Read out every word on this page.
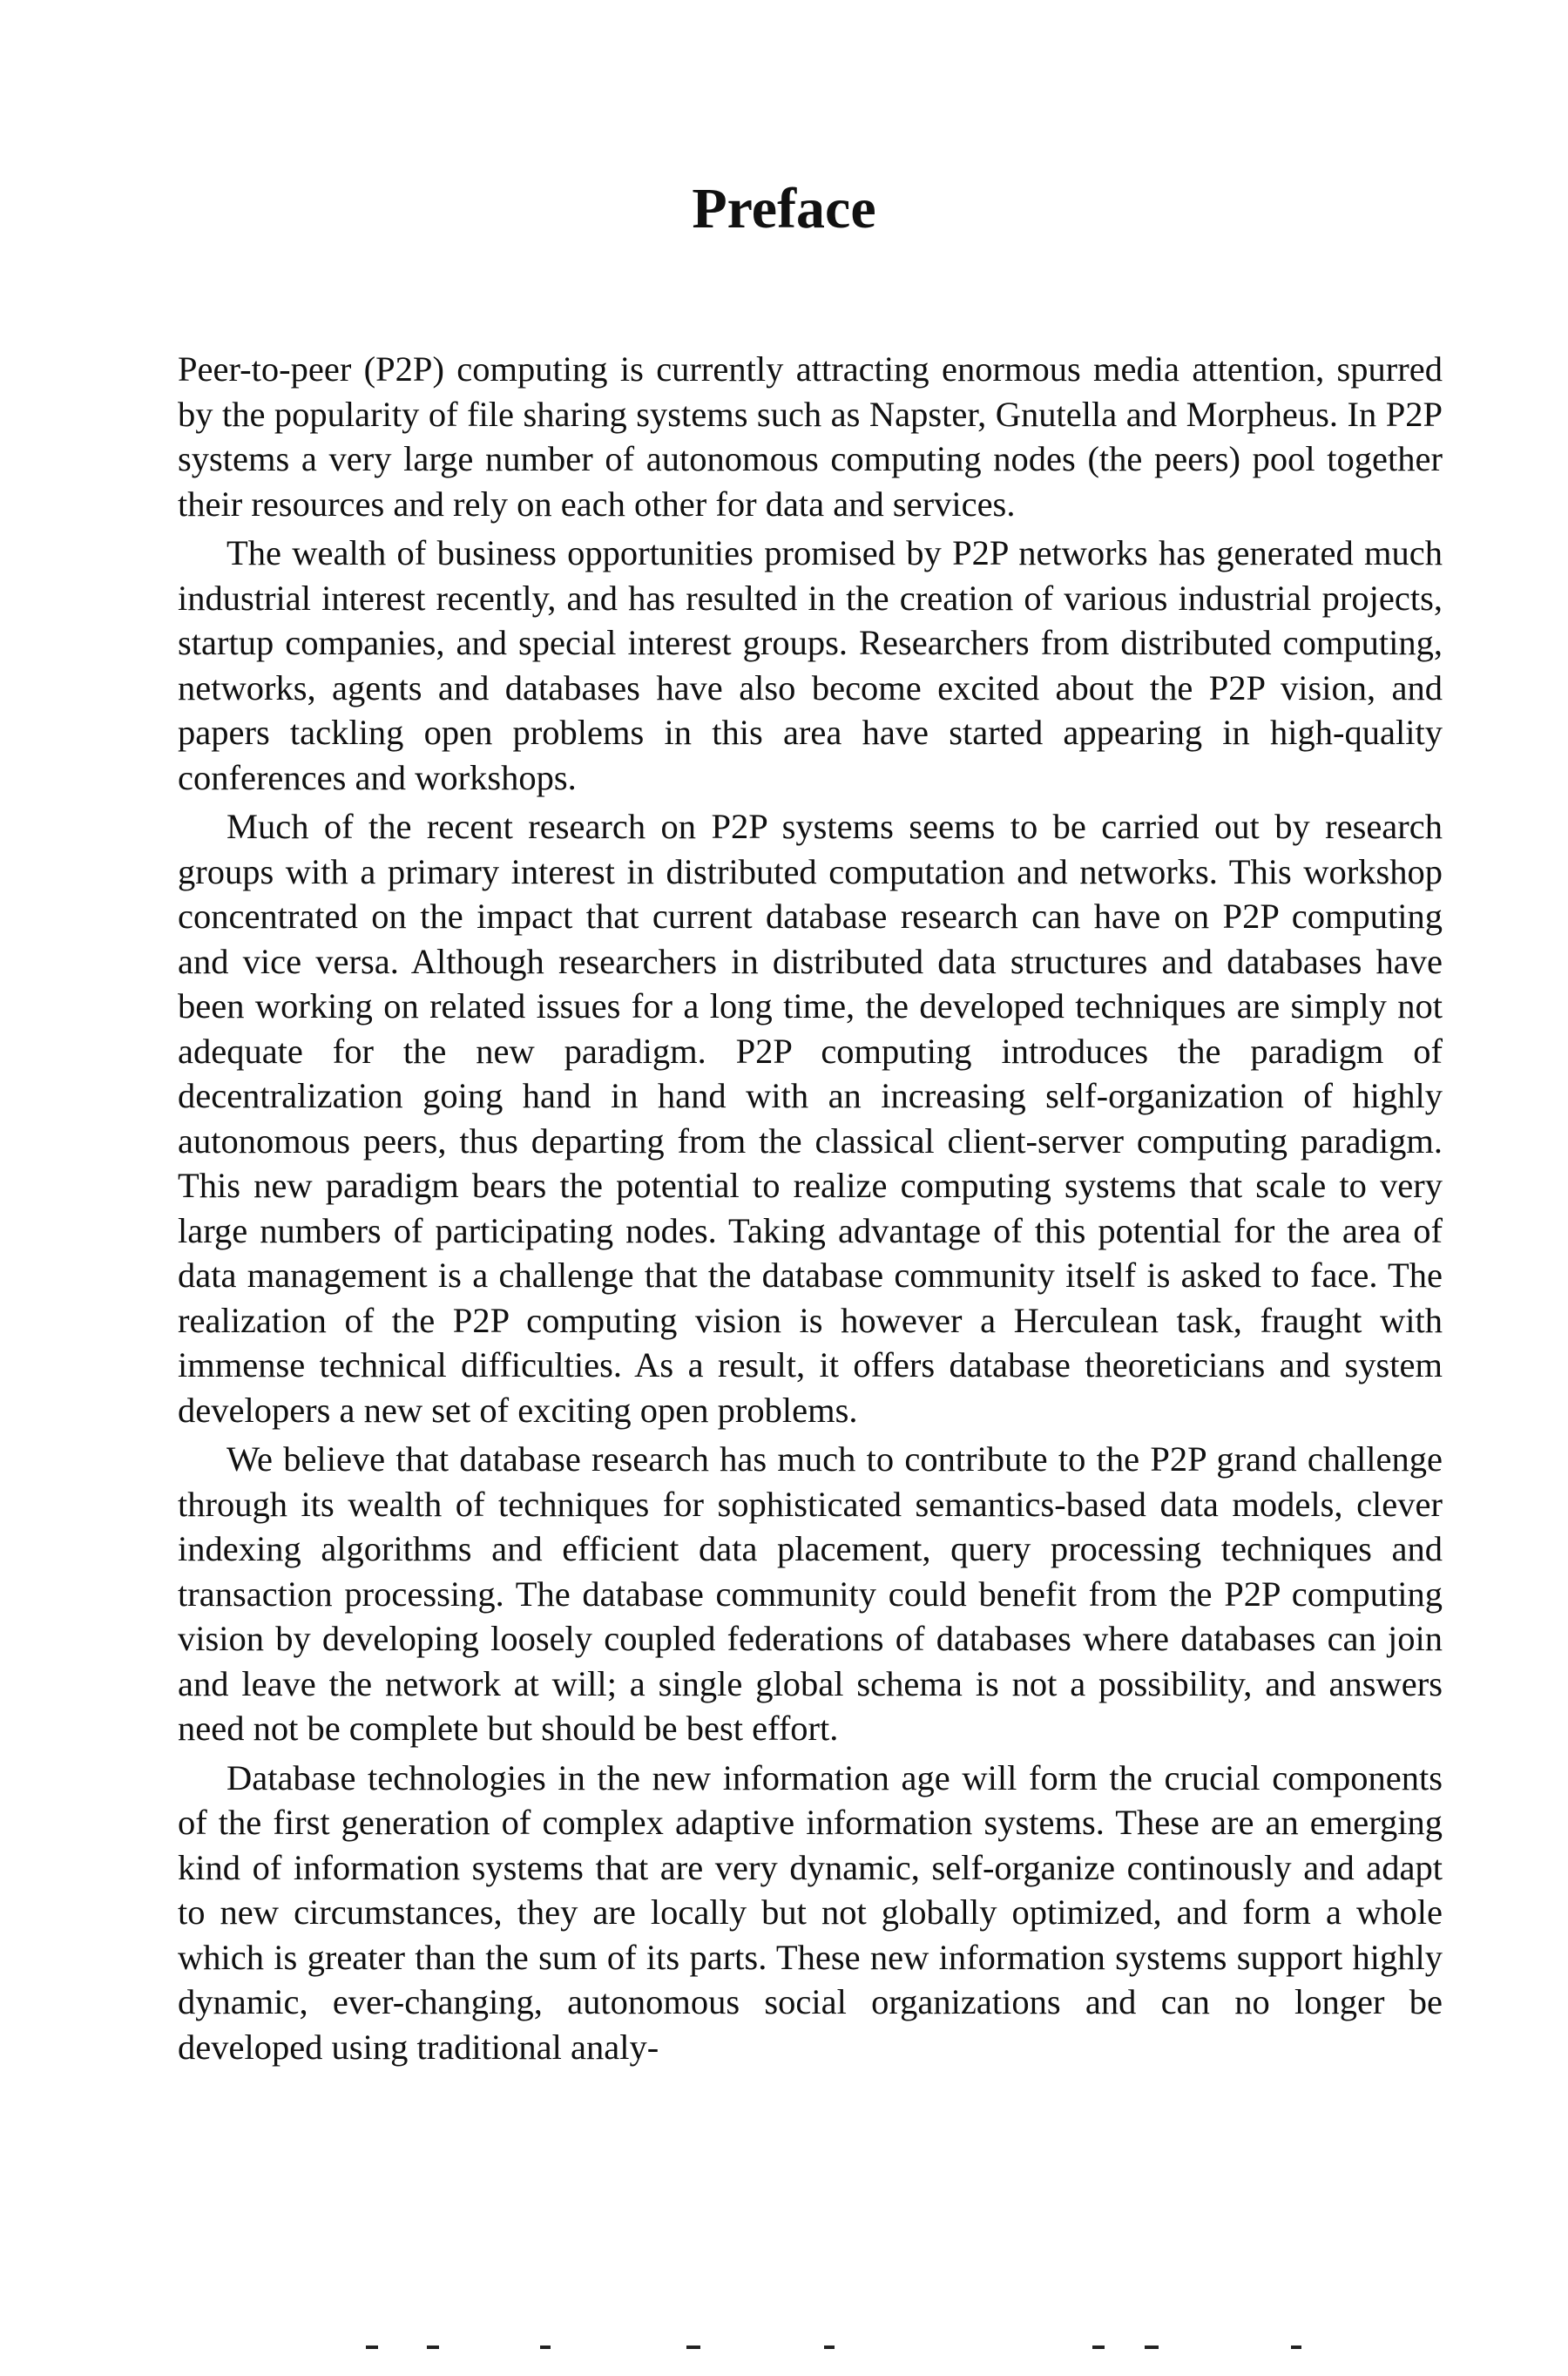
Preface

Peer-to-peer (P2P) computing is currently attracting enormous media attention, spurred by the popularity of file sharing systems such as Napster, Gnutella and Morpheus. In P2P systems a very large number of autonomous computing nodes (the peers) pool together their resources and rely on each other for data and services.

The wealth of business opportunities promised by P2P networks has generated much industrial interest recently, and has resulted in the creation of various industrial projects, startup companies, and special interest groups. Researchers from distributed computing, networks, agents and databases have also become excited about the P2P vision, and papers tackling open problems in this area have started appearing in high-quality conferences and workshops.

Much of the recent research on P2P systems seems to be carried out by research groups with a primary interest in distributed computation and networks. This workshop concentrated on the impact that current database research can have on P2P computing and vice versa. Although researchers in distributed data structures and databases have been working on related issues for a long time, the developed techniques are simply not adequate for the new paradigm. P2P computing introduces the paradigm of decentralization going hand in hand with an increasing self-organization of highly autonomous peers, thus departing from the classical client-server computing paradigm. This new paradigm bears the potential to realize computing systems that scale to very large numbers of participating nodes. Taking advantage of this potential for the area of data management is a challenge that the database community itself is asked to face. The realization of the P2P computing vision is however a Herculean task, fraught with immense technical difficulties. As a result, it offers database theoreticians and system developers a new set of exciting open problems.

We believe that database research has much to contribute to the P2P grand challenge through its wealth of techniques for sophisticated semantics-based data models, clever indexing algorithms and efficient data placement, query processing techniques and transaction processing. The database community could benefit from the P2P computing vision by developing loosely coupled federations of databases where databases can join and leave the network at will; a single global schema is not a possibility, and answers need not be complete but should be best effort.

Database technologies in the new information age will form the crucial components of the first generation of complex adaptive information systems. These are an emerging kind of information systems that are very dynamic, self-organize continously and adapt to new circumstances, they are locally but not globally optimized, and form a whole which is greater than the sum of its parts. These new information systems support highly dynamic, ever-changing, autonomous social organizations and can no longer be developed using traditional analy-
